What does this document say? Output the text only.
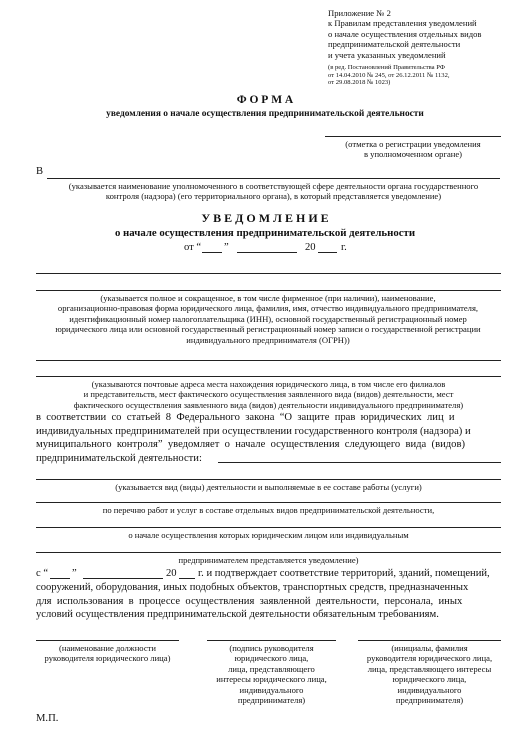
Приложение № 2
к Правилам представления уведомлений
о начале осуществления отдельных видов
предпринимательской деятельности
и учета указанных уведомлений
(в ред. Постановлений Правительства РФ
от 14.04.2010 № 245, от 26.12.2011 № 1132,
от 29.08.2018 № 1023)
Ф О Р М А
уведомления о начале осуществления предпринимательской деятельности
(отметка о регистрации уведомления
в уполномоченном органе)
В
(указывается наименование уполномоченного в соответствующей сфере деятельности органа государственного
контроля (надзора) (его территориального органа), в который представляется уведомление)
У В Е Д О М Л Е Н И Е
о начале осуществления предпринимательской деятельности
от “ ”	20 г.
(указывается полное и сокращенное, в том числе фирменное (при наличии), наименование,
организационно-правовая форма юридического лица, фамилия, имя, отчество индивидуального предпринимателя,
идентификационный номер налогоплательщика (ИНН), основной государственный регистрационный номер
юридического лица или основной государственный регистрационный номер записи о государственной регистрации
индивидуального предпринимателя (ОГРН))
(указываются почтовые адреса места нахождения юридического лица, в том числе его филиалов
и представительств, мест фактического осуществления заявленного вида (видов) деятельности, мест
фактического осуществления заявленного вида (видов) деятельности индивидуального предпринимателя)
в  соответствии  со  статьей  8  Федерального  закона  “О  защите  прав  юридических  лиц  и
индивидуальных предпринимателей при осуществлении государственного контроля (надзора) и
муниципального  контроля”  уведомляет  о  начале  осуществления  следующего  вида  (видов)
предпринимательской деятельности:
(указывается вид (виды) деятельности и выполняемые в ее составе работы (услуги)
по перечню работ и услуг в составе отдельных видов предпринимательской деятельности,
о начале осуществления которых юридическим лицом или индивидуальным
предпринимателем представляется уведомление)
с “ ”	20 г. и подтверждает соответствие территорий, зданий, помещений,
сооружений, оборудования, иных подобных объектов, транспортных средств, предназначенных
для  использования  в  процессе  осуществления  заявленной  деятельности,  персонала,  иных
условий осуществления предпринимательской деятельности обязательным требованиям.
(наименование должности
руководителя юридического лица)
(подпись руководителя
юридического лица,
лица, представляющего
интересы юридического лица,
индивидуального
предпринимателя)
(инициалы, фамилия
руководителя юридического лица,
лица, представляющего интересы
юридического лица,
индивидуального
предпринимателя)
М.П.
